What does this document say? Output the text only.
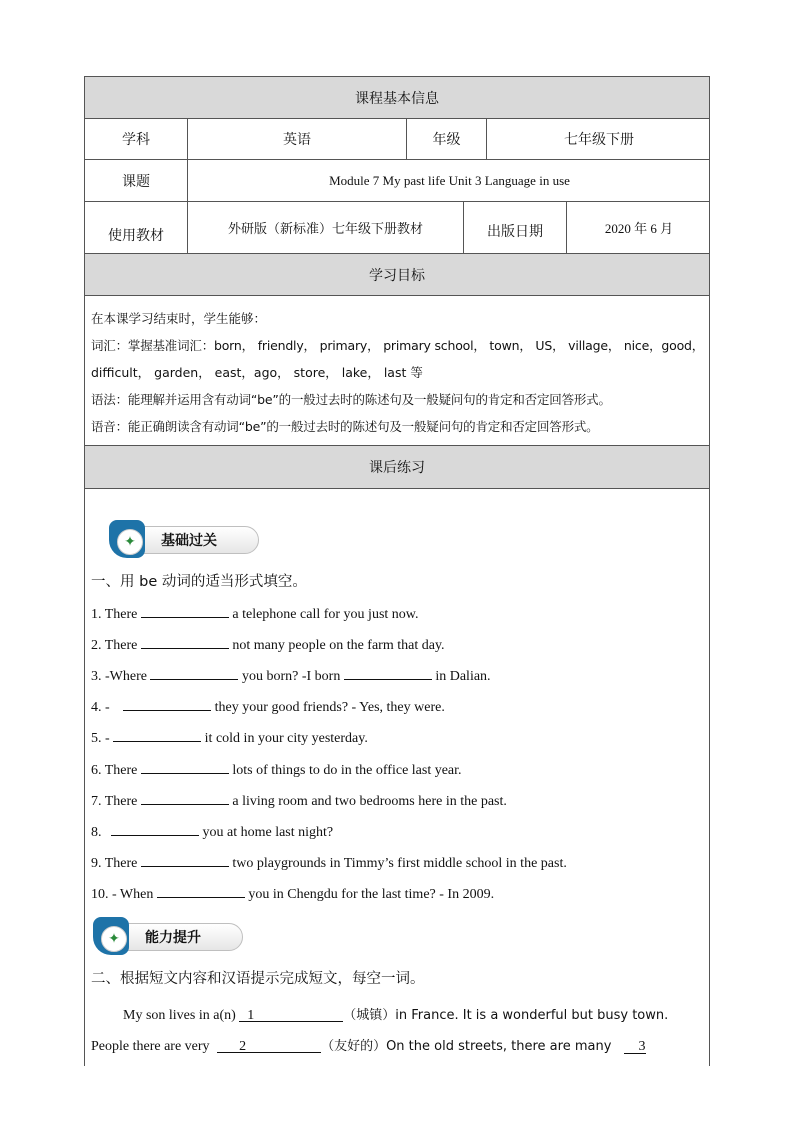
课程基本信息
学科	英语	年级	七年级下册
课题	Module 7 My past life Unit 3 Language in use
使用教材	外研版（新标准）七年级下册教材	出版日期	2020 年 6 月
学习目标
在本课学习结束时，学生能够：
词汇：掌握基准词汇：born， friendly， primary， primary school， town， US， village， nice，good，
difficult， garden， east，ago， store， lake， last 等
语法：能理解并运用含有动词“be”的一般过去时的陈述句及一般疑问句的肯定和否定回答形式。
语音：能正确朗读含有动词“be”的一般过去时的陈述句及一般疑问句的肯定和否定回答形式。
课后练习
✦	基础过关
一、用 be 动词的适当形式填空。
1. There	a telephone call for you just now.
2. There	not many people on the farm that day.
3. -Where	you born? -I born	in Dalian.
4. -	they your good friends? - Yes, they were.
5. -	it cold in your city yesterday.
6. There	lots of things to do in the office last year.
7. There	a living room and two bedrooms here in the past.
8.	you at home last night?
9. There	two playgrounds in Timmy’s first middle school in the past.
10. - When	you in Chengdu for the last time? - In 2009.
✦	能力提升
二、根据短文内容和汉语提示完成短文，每空一词。
My son lives in a(n) 1	（城镇）in France. It is a wonderful but busy town.
People there are very 2	（友好的）On the old streets, there are many 3
